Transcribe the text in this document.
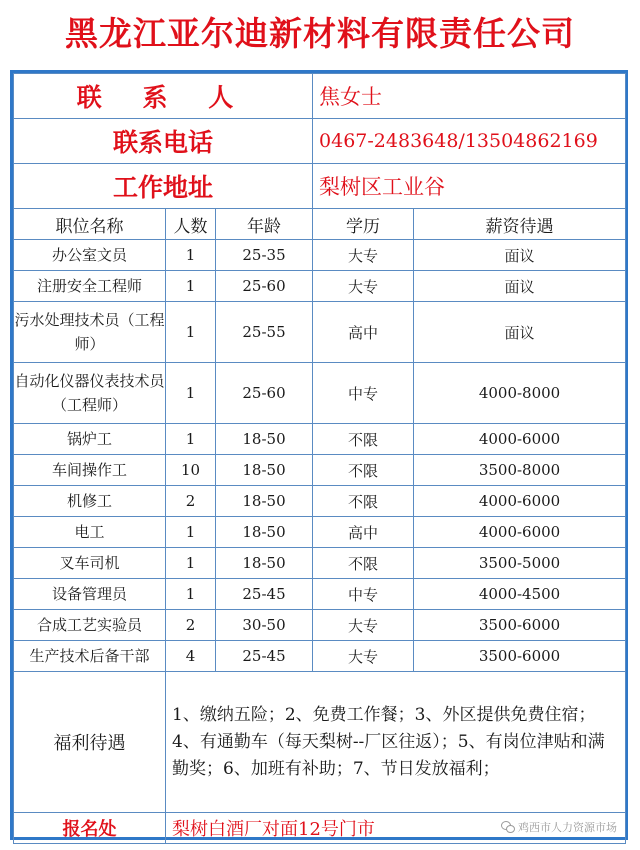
黑龙江亚尔迪新材料有限责任公司
联 系 人			焦女士	
联系电话			0467-2483648/13504862169	
工作地址			梨树区工业谷	
职位名称	人数	年龄	学历	薪资待遇
办公室文员	1	25-35	大专	面议
注册安全工程师	1	25-60	大专	面议
污水处理技术员（工程师）	1	25-55	高中	面议
自动化仪器仪表技术员（工程师）	1	25-60	中专	4000-8000
锅炉工	1	18-50	不限	4000-6000
车间操作工	10	18-50	不限	3500-8000
机修工	2	18-50	不限	4000-6000
电工	1	18-50	高中	4000-6000
叉车司机	1	18-50	不限	3500-5000
设备管理员	1	25-45	中专	4000-4500
合成工艺实验员	2	30-50	大专	3500-6000
生产技术后备干部	4	25-45	大专	3500-6000
福利待遇	1、缴纳五险；2、免费工作餐；3、外区提供免费住宿；4、有通勤车（每天梨树--厂区往返）；5、有岗位津贴和满勤奖；6、加班有补助；7、节日发放福利；			
报名处	梨树白酒厂对面12号门市 鸡西市人力资源市场			
